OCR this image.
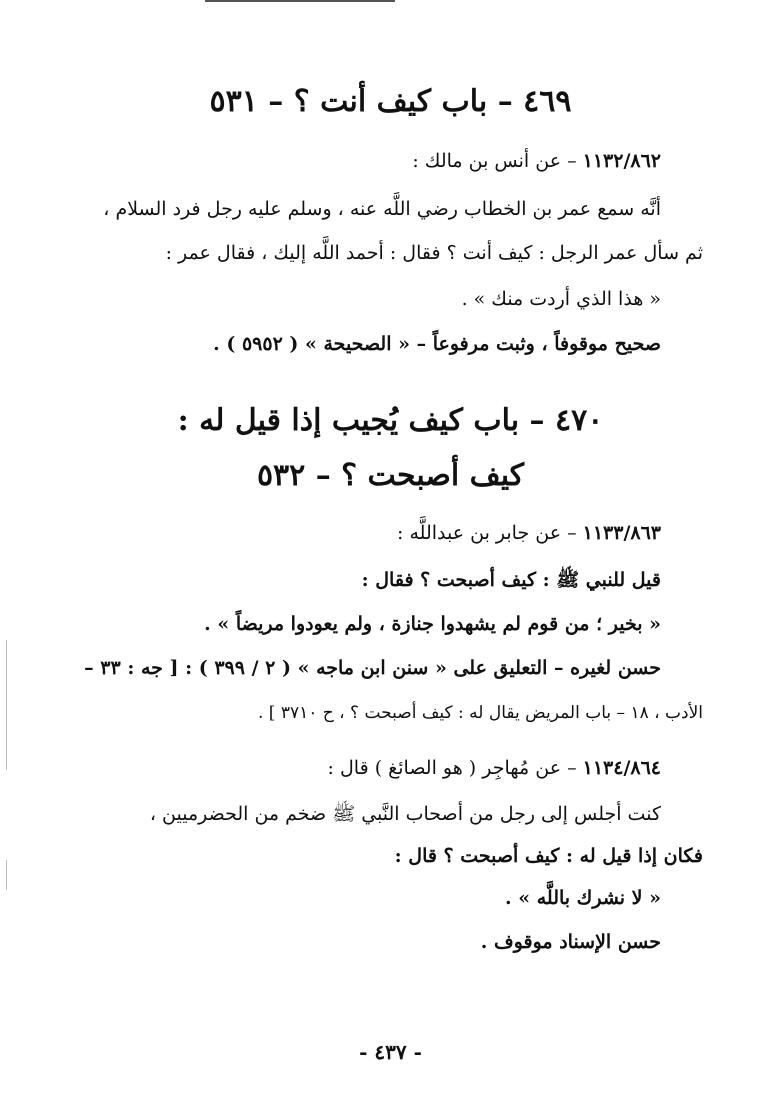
٤٦٩ – باب كيف أنت ؟ – ٥٣١
١١٣٢/٨٦٢ – عن أنس بن مالك :
أنَّه سمع عمر بن الخطاب رضي اللَّه عنه ، وسلم عليه رجل فرد السلام ،
ثم سأل عمر الرجل : كيف أنت ؟ فقال : أحمد اللَّه إليك ، فقال عمر :
« هذا الذي أردت منك » .
صحيح موقوفاً ، وثبت مرفوعاً – « الصحيحة » ( ٥٩٥٢ ) .
٤٧٠ – باب كيف يُجيب إذا قيل له :
كيف أصبحت ؟ – ٥٣٢
١١٣٣/٨٦٣ – عن جابر بن عبداللَّه :
قيل للنبي ﷺ : كيف أصبحت ؟ فقال :
« بخير ؛ من قوم لم يشهدوا جنازة ، ولم يعودوا مريضاً » .
حسن لغيره – التعليق على « سنن ابن ماجه » ( ٢ / ٣٩٩ ) : [ جه : ٣٣ –
الأدب ، ١٨ – باب المريض يقال له : كيف أصبحت ؟ ، ح ٣٧١٠ ] .
١١٣٤/٨٦٤ – عن مُهاجِر ( هو الصائغ ) قال :
كنت أجلس إلى رجل من أصحاب النَّبي ﷺ ضخم من الحضرميين ،
فكان إذا قيل له : كيف أصبحت ؟ قال :
« لا نشرك باللَّه » .
حسن الإسناد موقوف .
- ٤٣٧ -
